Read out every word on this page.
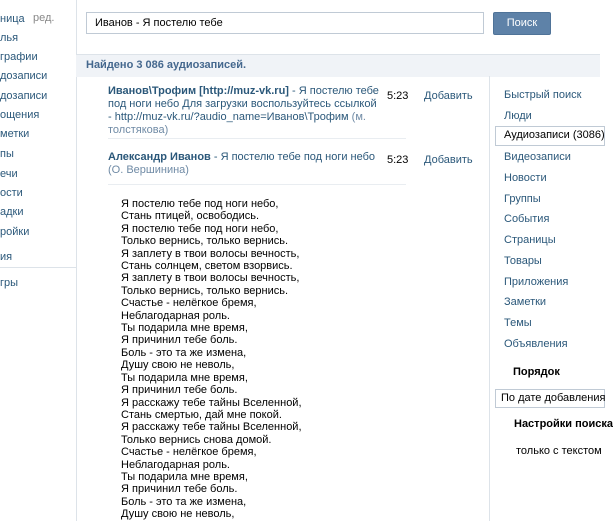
ница ред.
лья
графии
дозаписи
дозаписи
ощения
метки
пы
ечи
ости
адки
ройки
ия
гры
Иванов - Я постелю тебе	Поиск
Найдено 3 086 аудиозаписей.
Иванов\Трофим [http://muz-vk.ru] - Я постелю тебе под ноги небо Для загрузки воспользуйтесь ссылкой - http://muz-vk.ru/?audio_name=Иванов\Трофим (м. толстякова)
5:23 Добавить
Александр Иванов - Я постелю тебе под ноги небо (О. Вершинина)
5:23 Добавить
Я постелю тебе под ноги небо,
Стань птицей, освободись.
Я постелю тебе под ноги небо,
Только вернись, только вернись.
Я заплету в твои волосы вечность,
Стань солнцем, светом взорвись.
Я заплету в твои волосы вечность,
Только вернись, только вернись.
Счастье - нелёгкое бремя,
Неблагодарная роль.
Ты подарила мне время,
Я причинил тебе боль.
Боль - это та же измена,
Душу свою не неволь,
Ты подарила мне время,
Я причинил тебе боль.
Я расскажу тебе тайны Вселенной,
Стань смертью, дай мне покой.
Я расскажу тебе тайны Вселенной,
Только вернись снова домой.
Счастье - нелёгкое бремя,
Неблагодарная роль.
Ты подарила мне время,
Я причинил тебе боль.
Боль - это та же измена,
Душу свою не неволь,
Быстрый поиск
Люди
Аудиозаписи (3086)
Видеозаписи
Новости
Группы
События
Страницы
Товары
Приложения
Заметки
Темы
Объявления
Порядок
По дате добавления
Настройки поиска
только с текстом
